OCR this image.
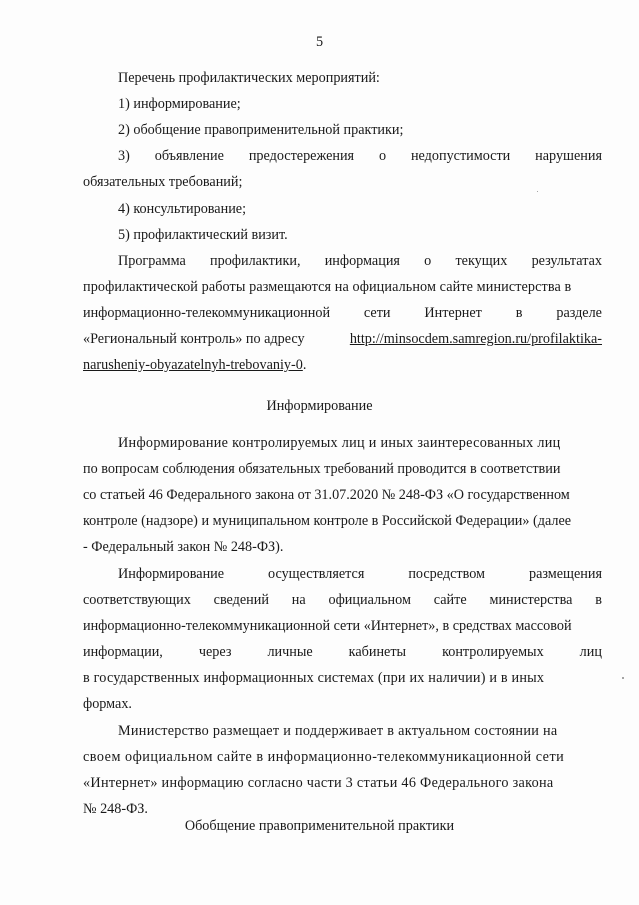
5
Перечень профилактических мероприятий:
1) информирование;
2) обобщение правоприменительной практики;
3) объявление предостережения о недопустимости нарушения
обязательных требований;
4) консультирование;
5) профилактический визит.
Программа профилактики, информация о текущих результатах
профилактической работы размещаются на официальном сайте министерства в
информационно-телекоммуникационной сети Интернет в разделе
«Региональный контроль» по адресу	http://minsocdem.samregion.ru/profilaktika-
narusheniy-obyazatelnyh-trebovaniy-0.
Информирование
Информирование контролируемых лиц и иных заинтересованных лиц
по вопросам соблюдения обязательных требований проводится в соответствии
со статьей 46 Федерального закона от 31.07.2020 № 248-ФЗ «О государственном
контроле (надзоре) и муниципальном контроле в Российской Федерации» (далее
- Федеральный закон № 248-ФЗ).
Информирование	осуществляется	посредством	размещения
соответствующих сведений на официальном сайте министерства в
информационно-телекоммуникационной сети «Интернет», в средствах массовой
информации,	через	личные	кабинеты	контролируемых	лиц
в государственных информационных системах (при их наличии) и в иных
формах.
Министерство размещает и поддерживает в актуальном состоянии на
своем официальном сайте в информационно-телекоммуникационной сети
«Интернет» информацию согласно части 3 статьи 46 Федерального закона
№ 248-ФЗ.
Обобщение правоприменительной практики
